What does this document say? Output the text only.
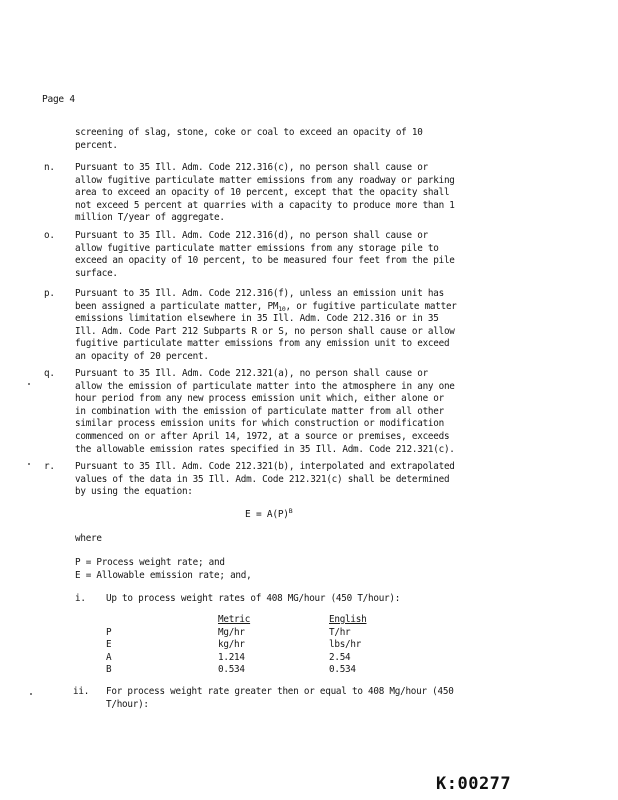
Page 4
screening of slag, stone, coke or coal to exceed an opacity of 10
percent.
n. Pursuant to 35 Ill. Adm. Code 212.316(c), no person shall cause or
allow fugitive particulate matter emissions from any roadway or parking
area to exceed an opacity of 10 percent, except that the opacity shall
not exceed 5 percent at quarries with a capacity to produce more than 1
million T/year of aggregate.
o. Pursuant to 35 Ill. Adm. Code 212.316(d), no person shall cause or
allow fugitive particulate matter emissions from any storage pile to
exceed an opacity of 10 percent, to be measured four feet from the pile
surface.
p. Pursuant to 35 Ill. Adm. Code 212.316(f), unless an emission unit has
been assigned a particulate matter, $PM_{10}$, or fugitive particulate matter
emissions limitation elsewhere in 35 Ill. Adm. Code 212.316 or in 35
Ill. Adm. Code Part 212 Subparts R or S, no person shall cause or allow
fugitive particulate matter emissions from any emission unit to exceed
an opacity of 20 percent.
q. Pursuant to 35 Ill. Adm. Code 212.321(a), no person shall cause or
allow the emission of particulate matter into the atmosphere in any one
hour period from any new process emission unit which, either alone or
in combination with the emission of particulate matter from all other
similar process emission units for which construction or modification
commenced on or after April 14, 1972, at a source or premises, exceeds
the allowable emission rates specified in 35 Ill. Adm. Code 212.321(c).
r. Pursuant to 35 Ill. Adm. Code 212.321(b), interpolated and extrapolated
values of the data in 35 Ill. Adm. Code 212.321(c) shall be determined
by using the equation:
$E = A(P)^B$
where
P = Process weight rate; and
E = Allowable emission rate; and,
i. Up to process weight rates of 408 MG/hour (450 T/hour):
	Metric	English
P	Mg/hr	T/hr
E	kg/hr	lbs/hr
A	1.214	2.54
B	0.534	0.534
ii. For process weight rate greater then or equal to 408 Mg/hour (450
T/hour):
K:00277
